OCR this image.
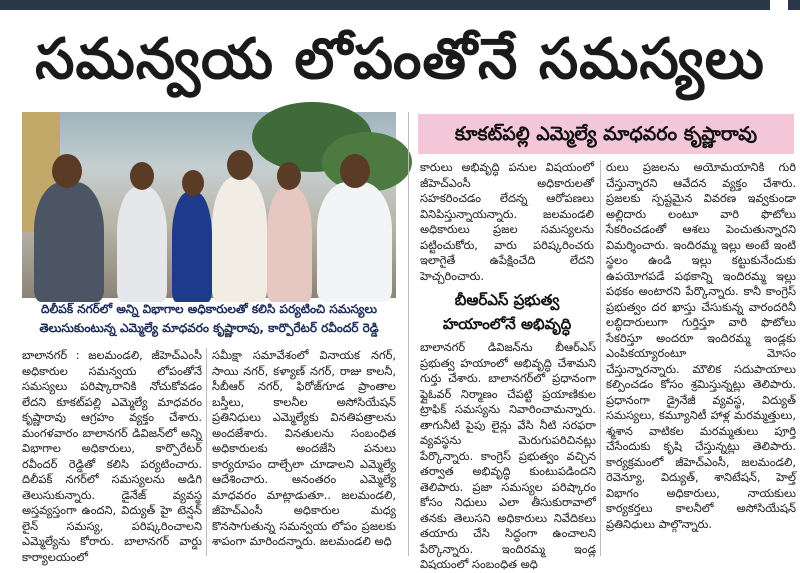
సమన్వయ లోపంతోనే సమస్యలు
దిలీపక్ నగర్‌లో అన్ని విభాగాల అధికారులతో కలిసి పర్యటించి సమస్యలు
తెలుసుకుంటున్న ఎమ్మెల్యే మాధవరం కృష్ణారావు, కార్పొరేటర్ రవీందర్ రెడ్డి
కూకట్‌పల్లి ఎమ్మెల్యే మాధవరం కృష్ణారావు

కారులు అభివృద్ధి పనుల విషయంలో జీహెచ్ఎంసీ అధికారులతో సహకరించడం లేదన్న ఆరోపణలు వినిపిస్తున్నాయన్నారు. జలమండలి అధికారులు ప్రజల సమస్యలను పట్టించుకోరు, వారు పరిష్కరించరు ఇలాగైతే ఉపేక్షించేది లేదని హెచ్చరించారు.

బీఆర్ఎస్ ప్రభుత్వ
హయాంలోనే అభివృద్ధి

రులు ప్రజలను అయోమయానికి గురి చేస్తున్నారని ఆవేదన వ్యక్తం చేశారు. ప్రజలకు స్పష్టమైన వివరణ ఇవ్వకుండా అల్లిదారు లంటూ వారి ఫొటోలు సేకరించడంతో ఆశలు పెంచుతున్నారని విమర్శించారు. ఇందిరమ్మ ఇల్లు అంటే ఇంటి స్థలం ఉండి ఇల్లు కట్టుకునేందుకు ఉపయోగపడే పథకాన్ని ఇందిరమ్మ ఇల్లు పథకం అంటారని పేర్కొన్నారు. కానీ కాంగ్రెస్ ప్రభుత్వం దర ఖాస్తు చేసుకున్న వారందరినీ లబ్ధిదారులుగా గుర్తిస్తూ వారి ఫొటోలు సేకరిస్తూ అందరూ ఇందిరమ్మ ఇండ్లకు ఎంపికయ్యారంటూ మోసం చేస్తున్నారన్నారు. మౌలిక సదుపాయాలు కల్పించడం కోసం శ్రమిస్తున్నట్లు తెలిపారు. ప్రధానంగా డ్రైనేజీ వ్యవస్థ, విద్యుత్ సమస్యలు, కమ్యూనిటీ హాళ్ల మరమ్మత్తులు, శ్మశాన వాటికల మరమ్మతులు పూర్తి చేసేందుకు కృషి చేస్తున్నట్లు తెలిపారు. కార్యక్రమంలో జీహెచ్ఎంసీ, జలమండలి, రెవెన్యూ, విద్యుత్, శానిటేషన్, హెల్త్ విభాగం అధికారులు, నాయకులు కార్యకర్తలు కాలనీలో అసోసియేషన్ ప్రతినిధులు పాల్గొన్నారు.

బాలానగర్ : జలమండలి, జీహెచ్ఎంసీ అధికారుల సమన్వయ లోపంతోనే సమస్యలు పరిష్కారానికి నోచుకోవడం లేదని కూకట్‌పల్లి ఎమ్మెల్యే మాధవరం కృష్ణారావు ఆగ్రహం వ్యక్తం చేశారు. మంగళవారం బాలానగర్ డివిజన్‌లో అన్ని విభాగాల అధికారులు, కార్పొరేటర్ రవీందర్ రెడ్డితో కలిసి పర్యటించారు. దిలీపక్ నగర్‌లో సమస్యలను అడిగి తెలుసుకున్నారు. డైనేజ్ వ్యవస్థ అస్తవ్యస్తంగా ఉందని, విద్యుత్ హై టెన్షన్ లైన్ సమస్య, పరిష్కరించాలని ఎమ్మెల్యేను కోరారు. బాలానగర్ వార్డు కార్యాలయంలో

సమీక్షా సమావేశంలో వినాయక నగర్, సాయి నగర్, కళ్యాణ్ నగర్, రాజు కాలనీ, సీబీఆర్ నగర్, ఫిరోజ్‌గూడ ప్రాంతాల బస్తీలు, కాలనీల అసోసియేషన్ ప్రతినిధులు ఎమ్మెల్యేకు వినతిపత్రాలను అందజేశారు. వినతులను సంబంధిత అధికారులకు అందజేసి పనులు కార్యరూపం దాల్చేలా చూడాలని ఎమ్మెల్యే ఆదేశించారు. అనంతరం ఎమ్మెల్యే మాధవరం మాట్లాడుతూ.. జలమండలి, జీహెచ్ఎంసీ అధికారుల మధ్య కొనసాగుతున్న సమన్వయ లోపం ప్రజలకు శాపంగా మారిందన్నారు. జలమండలి అధి

బాలానగర్ డివిజన్‌ను బీఆర్ఎస్ ప్రభుత్వ హయాంలో అభివృద్ధి చేశామని గుర్తు చేశారు. బాలానగర్‌లో ప్రధానంగా ఫ్లైఓవర్ నిర్మాణం చేపట్టి ప్రయాణికుల ట్రాఫిక్ సమస్యను నివారించామన్నారు. తాగునీటి పైపు లైన్లు వేసి నీటి సరఫరా వ్యవస్థను మెరుగుపరిచినట్లు పేర్కొన్నారు. కాంగ్రెస్ ప్రభుత్వం వచ్చిన తర్వాత అభివృద్ధి కుంటుపడిందని తెలిపారు. ప్రజా సమస్యల పరిష్కారం కోసం నిధులు ఎలా తీసుకురావాలో తనకు తెలుసని అధికారులు నివేదికలు తయారు చేసి సిద్ధంగా ఉంచాలని పేర్కొన్నారు. ఇందిరమ్మ ఇండ్ల విషయంలో సంబంధిత అధి
